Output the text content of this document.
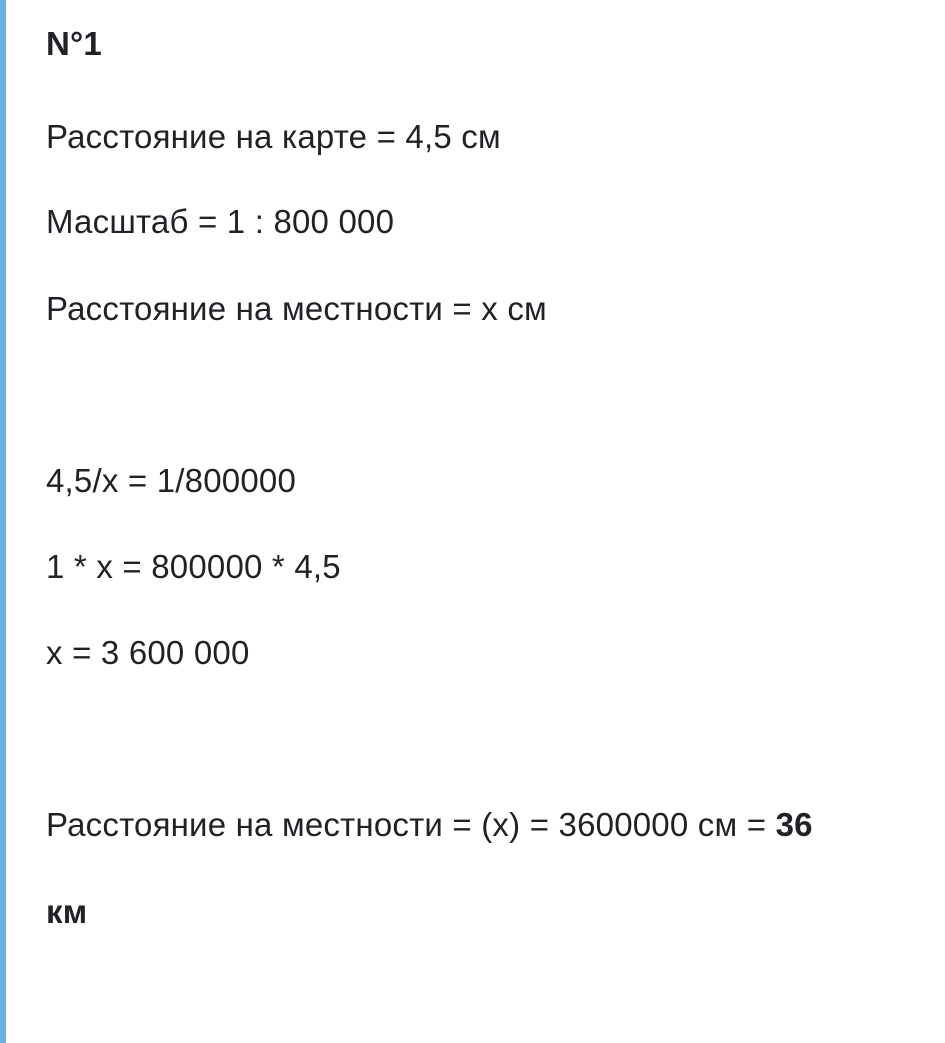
N°1
Расстояние на карте = 4,5 см
Масштаб = 1 : 800 000
Расстояние на местности = x см
4,5/x = 1/800000
1 * x = 800000 * 4,5
x = 3 600 000
Расстояние на местности = (x) = 3600000 см = 36
км
